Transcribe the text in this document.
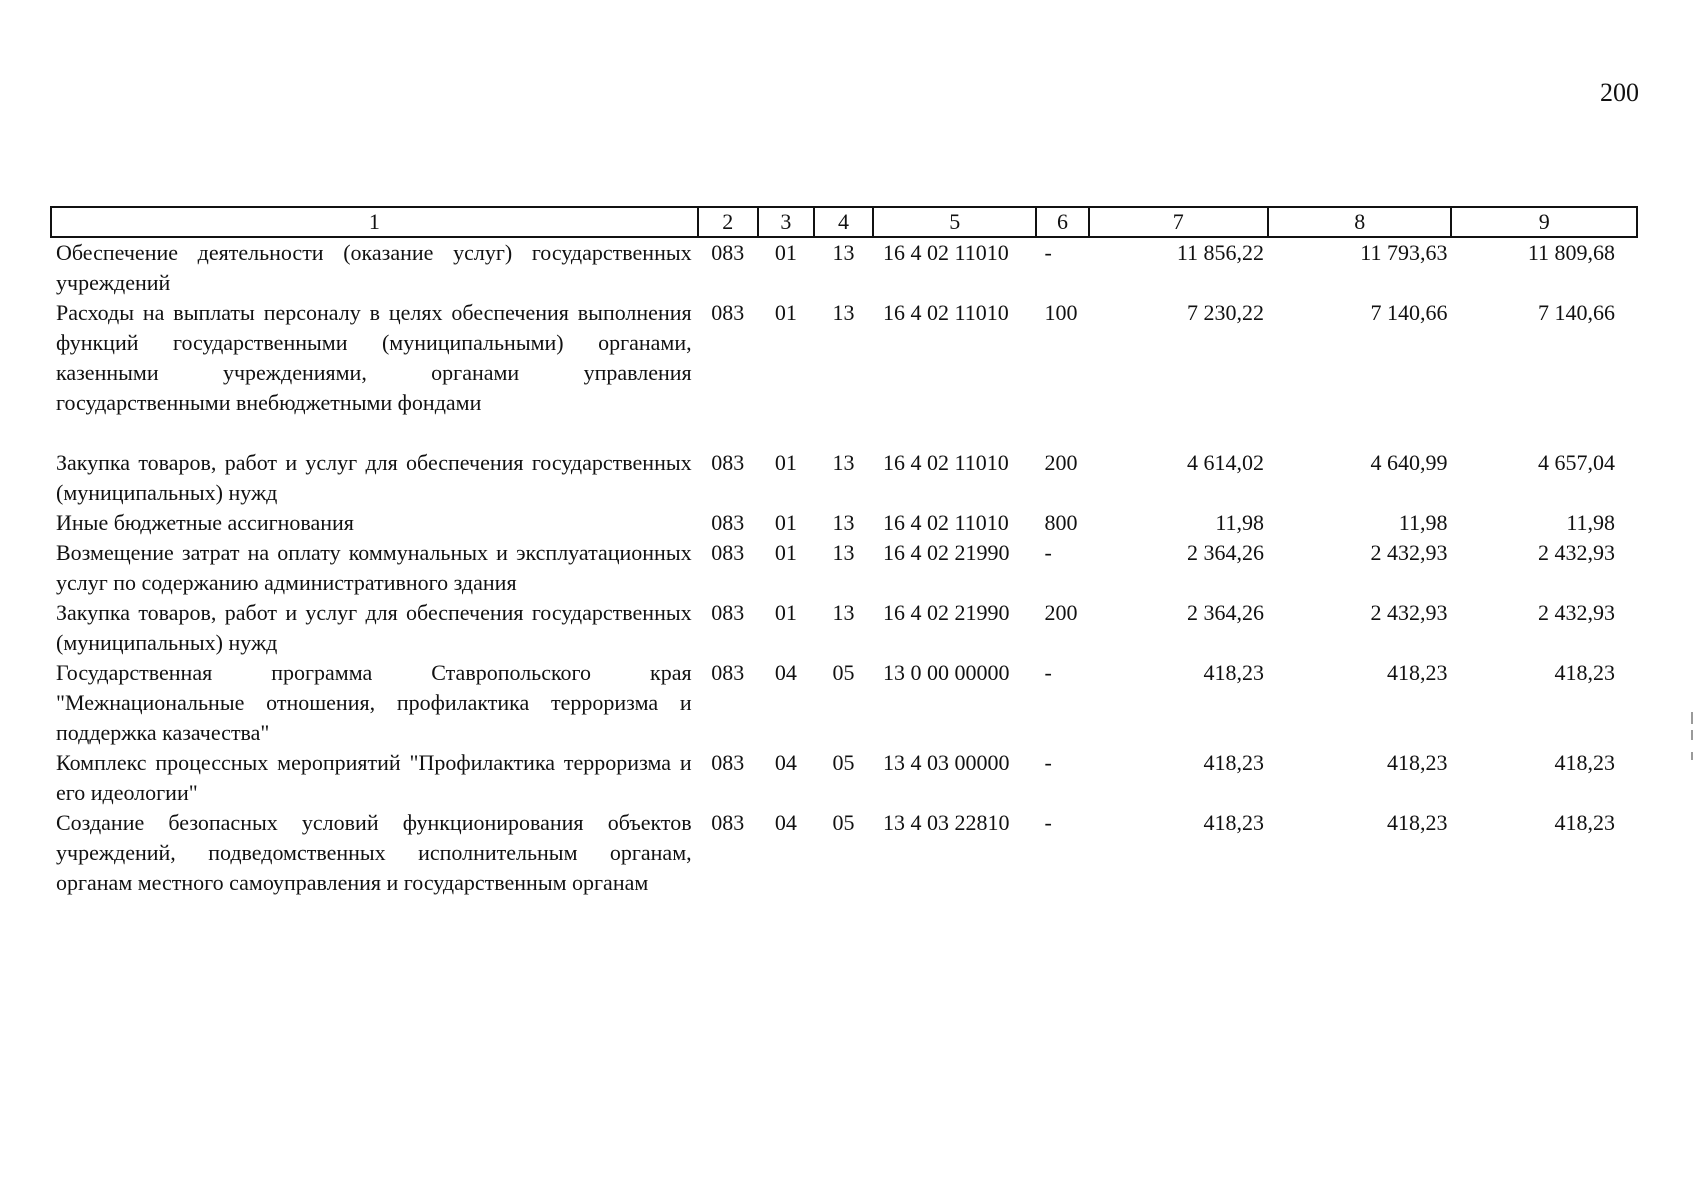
200
1	2	3	4	5	6	7	8	9
Обеспечение деятельности (оказание услуг) государственных учреждений	083	01	13	16 4 02 11010	-	11 856,22	11 793,63	11 809,68
Расходы на выплаты персоналу в целях обеспечения выполнения функций государственными (муниципальными) органами, казенными учреждениями, органами управления государственными внебюджетными фондами	083	01	13	16 4 02 11010	100	7 230,22	7 140,66	7 140,66

Закупка товаров, работ и услуг для обеспечения государственных (муниципальных) нужд	083	01	13	16 4 02 11010	200	4 614,02	4 640,99	4 657,04
Иные бюджетные ассигнования	083	01	13	16 4 02 11010	800	11,98	11,98	11,98
Возмещение затрат на оплату коммунальных и эксплуатационных услуг по содержанию административного здания	083	01	13	16 4 02 21990	-	2 364,26	2 432,93	2 432,93
Закупка товаров, работ и услуг для обеспечения государственных (муниципальных) нужд	083	01	13	16 4 02 21990	200	2 364,26	2 432,93	2 432,93
Государственная программа Ставропольского края "Межнациональные отношения, профилактика терроризма и поддержка казачества"	083	04	05	13 0 00 00000	-	418,23	418,23	418,23
Комплекс процессных мероприятий "Профилактика терроризма и его идеологии"	083	04	05	13 4 03 00000	-	418,23	418,23	418,23
Создание безопасных условий функционирования объектов учреждений, подведомственных исполнительным органам, органам местного самоуправления и государственным органам	083	04	05	13 4 03 22810	-	418,23	418,23	418,23
